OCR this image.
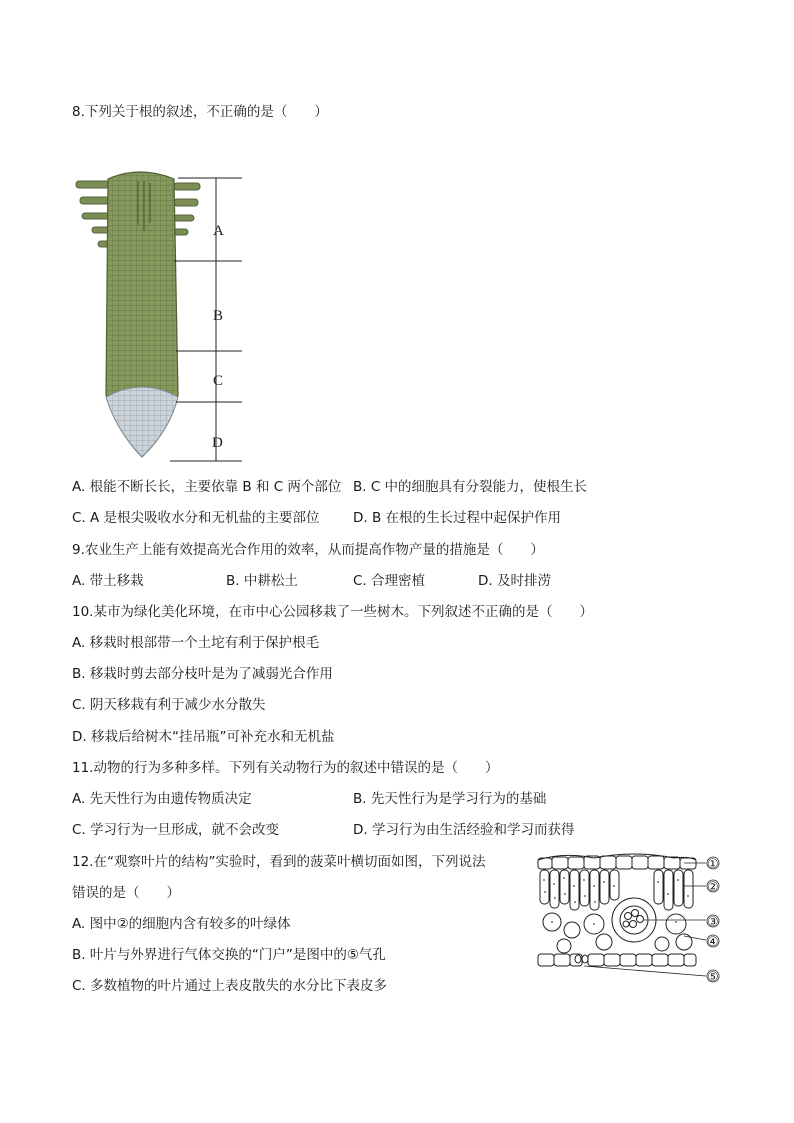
8.下列关于根的叙述，不正确的是（　　）
A
B
C
D
A. 根能不断长长，主要依靠 B 和 C 两个部位 B. C 中的细胞具有分裂能力，使根生长
C. A 是根尖吸收水分和无机盐的主要部位 D. B 在根的生长过程中起保护作用
9.农业生产上能有效提高光合作用的效率，从而提高作物产量的措施是（　　）
A. 带土移栽	B. 中耕松土	C. 合理密植	D. 及时排涝
10.某市为绿化美化环境，在市中心公园移栽了一些树木。下列叙述不正确的是（　　）
A. 移栽时根部带一个土坨有利于保护根毛
B. 移栽时剪去部分枝叶是为了减弱光合作用
C. 阴天移栽有利于减少水分散失
D. 移栽后给树木“挂吊瓶”可补充水和无机盐
11.动物的行为多种多样。下列有关动物行为的叙述中错误的是（　　）
A. 先天性行为由遗传物质决定	B. 先天性行为是学习行为的基础
C. 学习行为一旦形成，就不会改变	D. 学习行为由生活经验和学习而获得
12.在“观察叶片的结构”实验时，看到的菠菜叶横切面如图，下列说法
错误的是（　　）
A. 图中②的细胞内含有较多的叶绿体
B. 叶片与外界进行气体交换的“门户”是图中的⑤气孔
C. 多数植物的叶片通过上表皮散失的水分比下表皮多
①
②
③
④
⑤
